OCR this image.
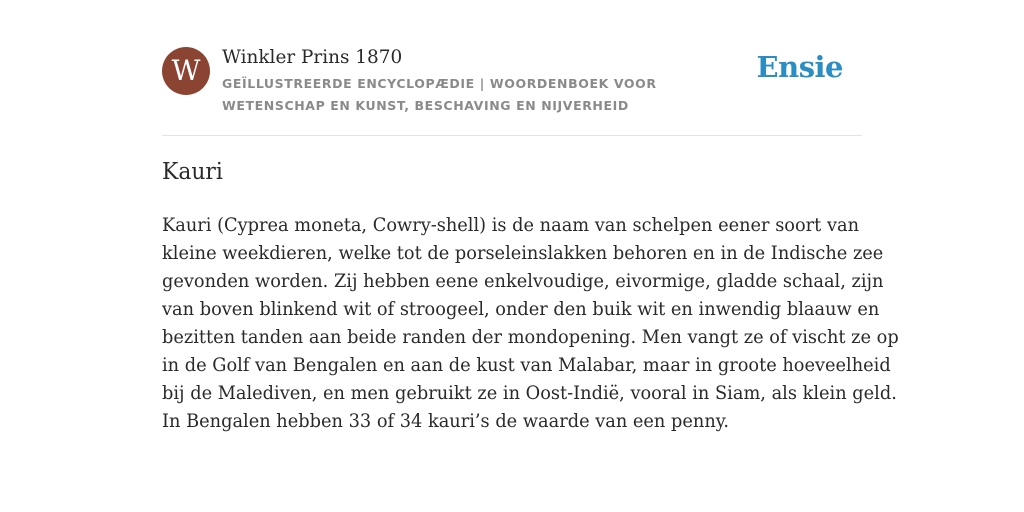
W	Winkler Prins 1870
GEÏLLUSTREERDE ENCYCLOPÆDIE | WOORDENBOEK VOOR WETENSCHAP EN KUNST, BESCHAVING EN NIJVERHEID
Ensie
Kauri
Kauri (Cyprea moneta, Cowry-shell) is de naam van schelpen eener soort van
kleine weekdieren, welke tot de porseleinslakken behoren en in de Indische zee
gevonden worden. Zij hebben eene enkelvoudige, eivormige, gladde schaal, zijn
van boven blinkend wit of stroogeel, onder den buik wit en inwendig blaauw en
bezitten tanden aan beide randen der mondopening. Men vangt ze of vischt ze op
in de Golf van Bengalen en aan de kust van Malabar, maar in groote hoeveelheid
bij de Malediven, en men gebruikt ze in Oost-Indië, vooral in Siam, als klein geld.
In Bengalen hebben 33 of 34 kauri’s de waarde van een penny.
